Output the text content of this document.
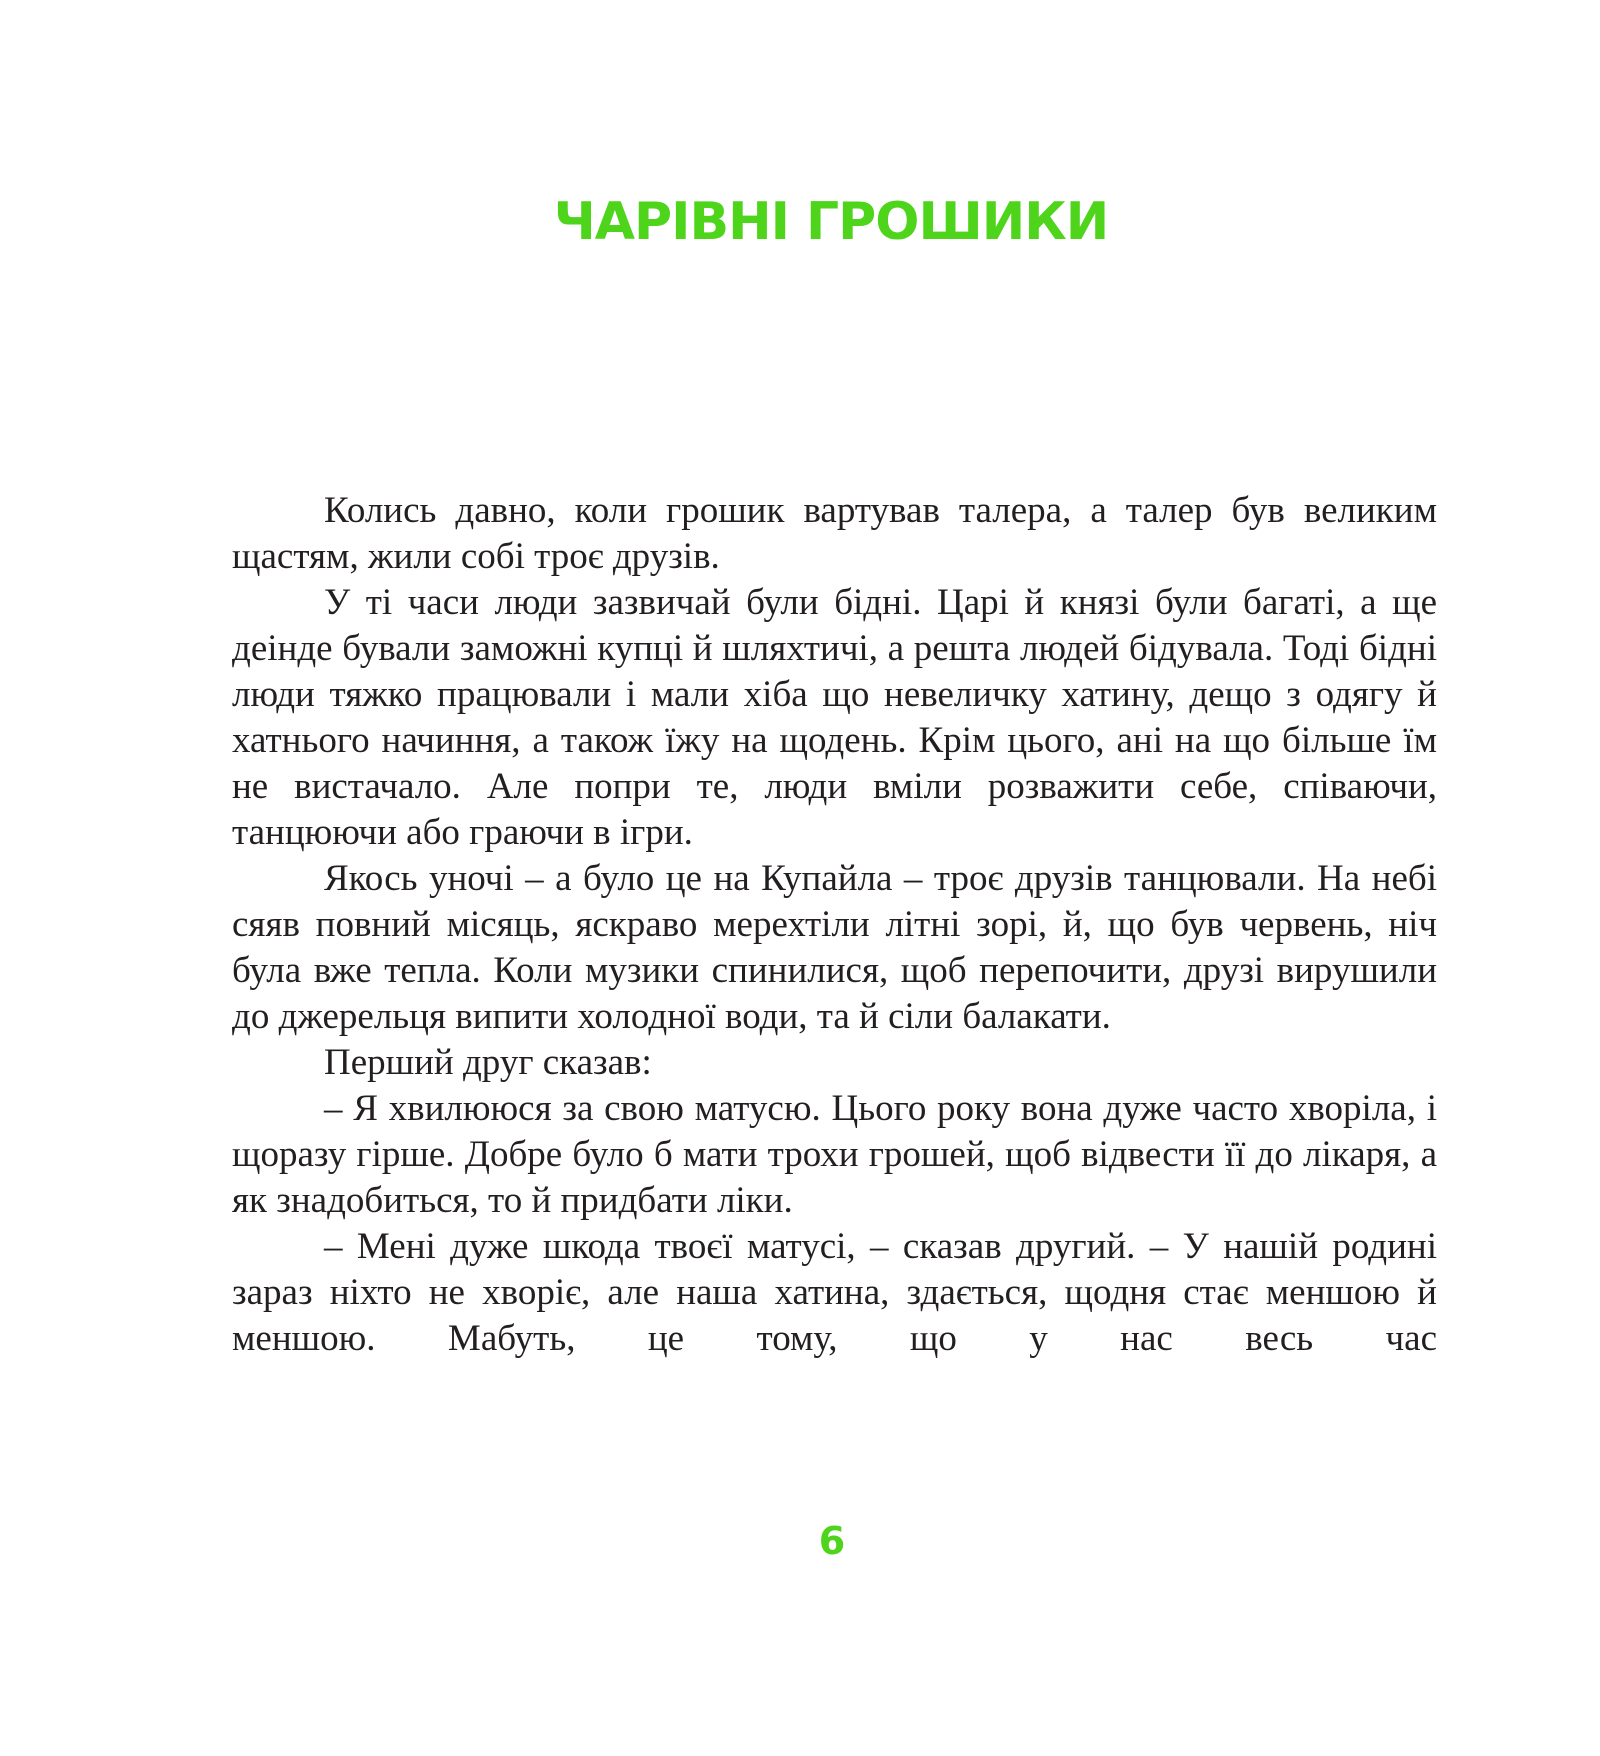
ЧАРІВНІ ГРОШИКИ

Колись давно, коли грошик вартував талера, а талер був великим щастям, жили собі троє друзів.

У ті часи люди зазвичай були бідні. Царі й князі були багаті, а ще деінде бували заможні купці й шляхтичі, а решта людей бідувала. Тоді бідні люди тяжко працювали і мали хіба що невеличку хатину, дещо з одягу й хатнього начиння, а також їжу на щодень. Крім цього, ані на що більше їм не вистачало. Але попри те, люди вміли розважити себе, співаючи, танцюючи або граючи в ігри.

Якось уночі – а було це на Купайла – троє друзів танцювали. На небі сяяв повний місяць, яскраво мерехтіли літні зорі, й, що був червень, ніч була вже тепла. Коли музики спинилися, щоб перепочити, друзі вирушили до джерельця випити холодної води, та й сіли балакати.

Перший друг сказав:

– Я хвилююся за свою матусю. Цього року вона дуже часто хворіла, і щоразу гірше. Добре було б мати трохи грошей, щоб відвести її до лікаря, а як знадобиться, то й придбати ліки.

– Мені дуже шкода твоєї матусі, – сказав другий. – У нашій родині зараз ніхто не хворіє, але наша хатина, здається, щодня стає меншою й меншою. Мабуть, це тому, що у нас весь час

6
